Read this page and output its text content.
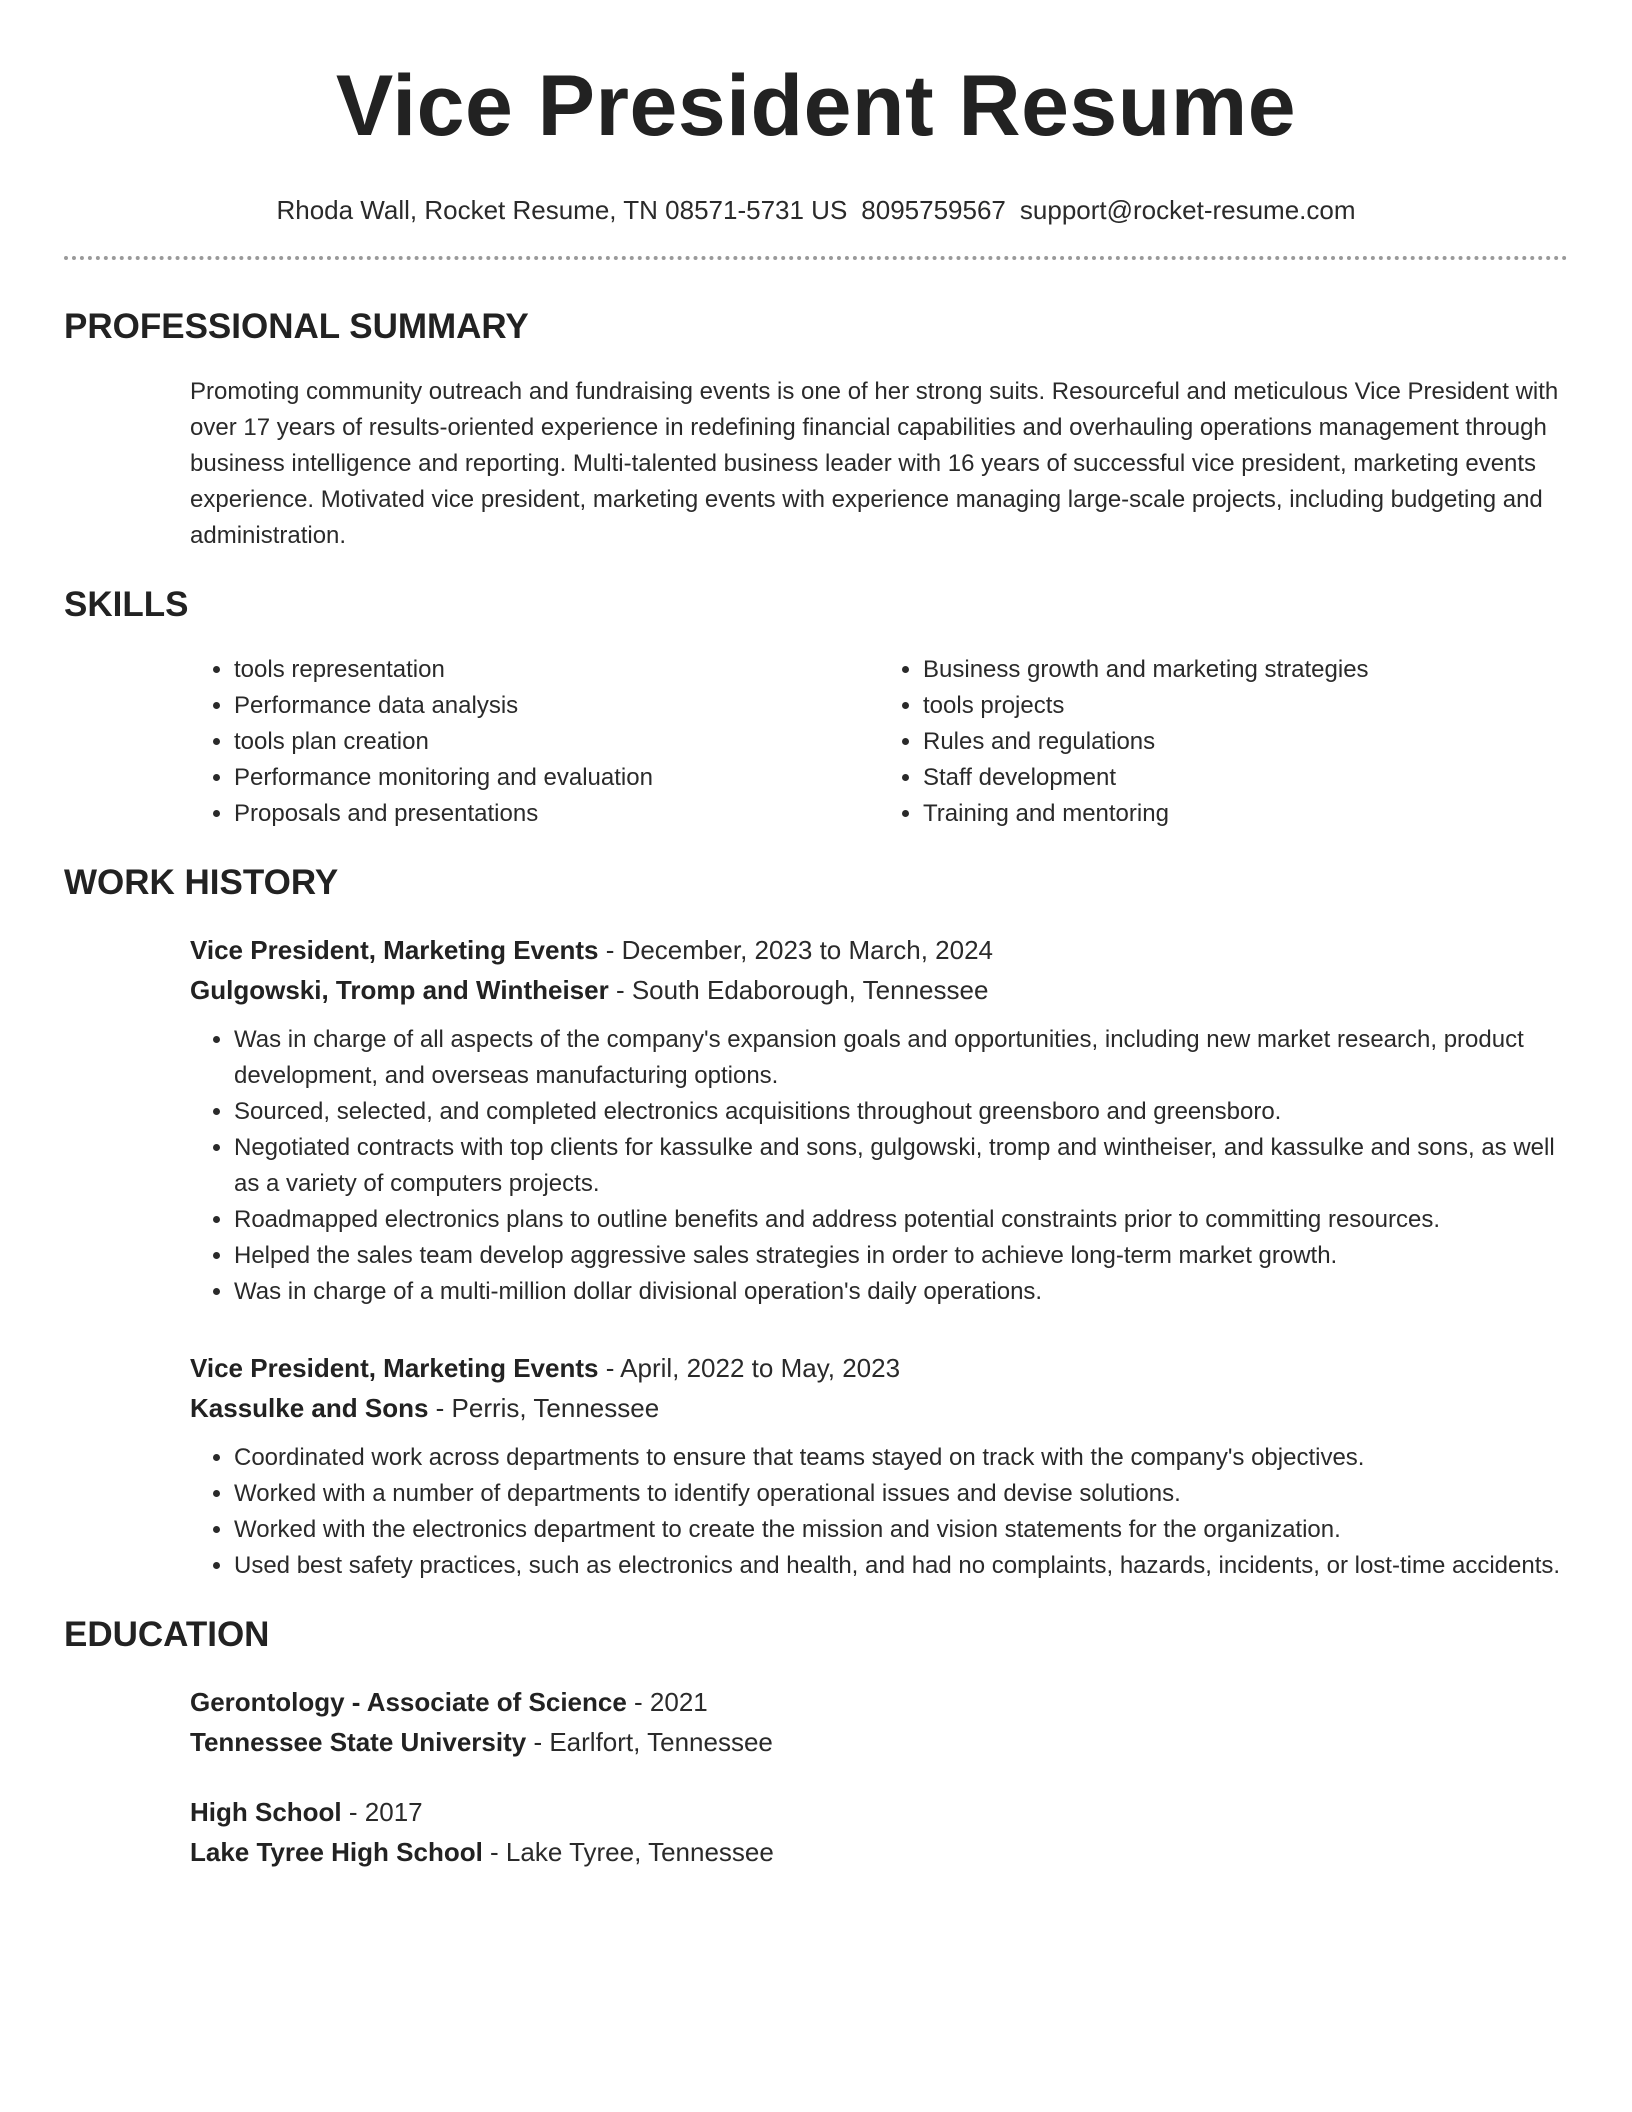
Vice President Resume
Rhoda Wall, Rocket Resume, TN 08571-5731 US 8095759567 support@rocket-resume.com
PROFESSIONAL SUMMARY
Promoting community outreach and fundraising events is one of her strong suits. Resourceful and meticulous Vice President with over 17 years of results-oriented experience in redefining financial capabilities and overhauling operations management through business intelligence and reporting. Multi-talented business leader with 16 years of successful vice president, marketing events experience. Motivated vice president, marketing events with experience managing large-scale projects, including budgeting and administration.
SKILLS
• tools representation
• Performance data analysis
• tools plan creation
• Performance monitoring and evaluation
• Proposals and presentations
• Business growth and marketing strategies
• tools projects
• Rules and regulations
• Staff development
• Training and mentoring
WORK HISTORY
Vice President, Marketing Events - December, 2023 to March, 2024
Gulgowski, Tromp and Wintheiser - South Edaborough, Tennessee
• Was in charge of all aspects of the company's expansion goals and opportunities, including new market research, product development, and overseas manufacturing options.
• Sourced, selected, and completed electronics acquisitions throughout greensboro and greensboro.
• Negotiated contracts with top clients for kassulke and sons, gulgowski, tromp and wintheiser, and kassulke and sons, as well as a variety of computers projects.
• Roadmapped electronics plans to outline benefits and address potential constraints prior to committing resources.
• Helped the sales team develop aggressive sales strategies in order to achieve long-term market growth.
• Was in charge of a multi-million dollar divisional operation's daily operations.
Vice President, Marketing Events - April, 2022 to May, 2023
Kassulke and Sons - Perris, Tennessee
• Coordinated work across departments to ensure that teams stayed on track with the company's objectives.
• Worked with a number of departments to identify operational issues and devise solutions.
• Worked with the electronics department to create the mission and vision statements for the organization.
• Used best safety practices, such as electronics and health, and had no complaints, hazards, incidents, or lost-time accidents.
EDUCATION
Gerontology - Associate of Science - 2021
Tennessee State University - Earlfort, Tennessee
High School - 2017
Lake Tyree High School - Lake Tyree, Tennessee
